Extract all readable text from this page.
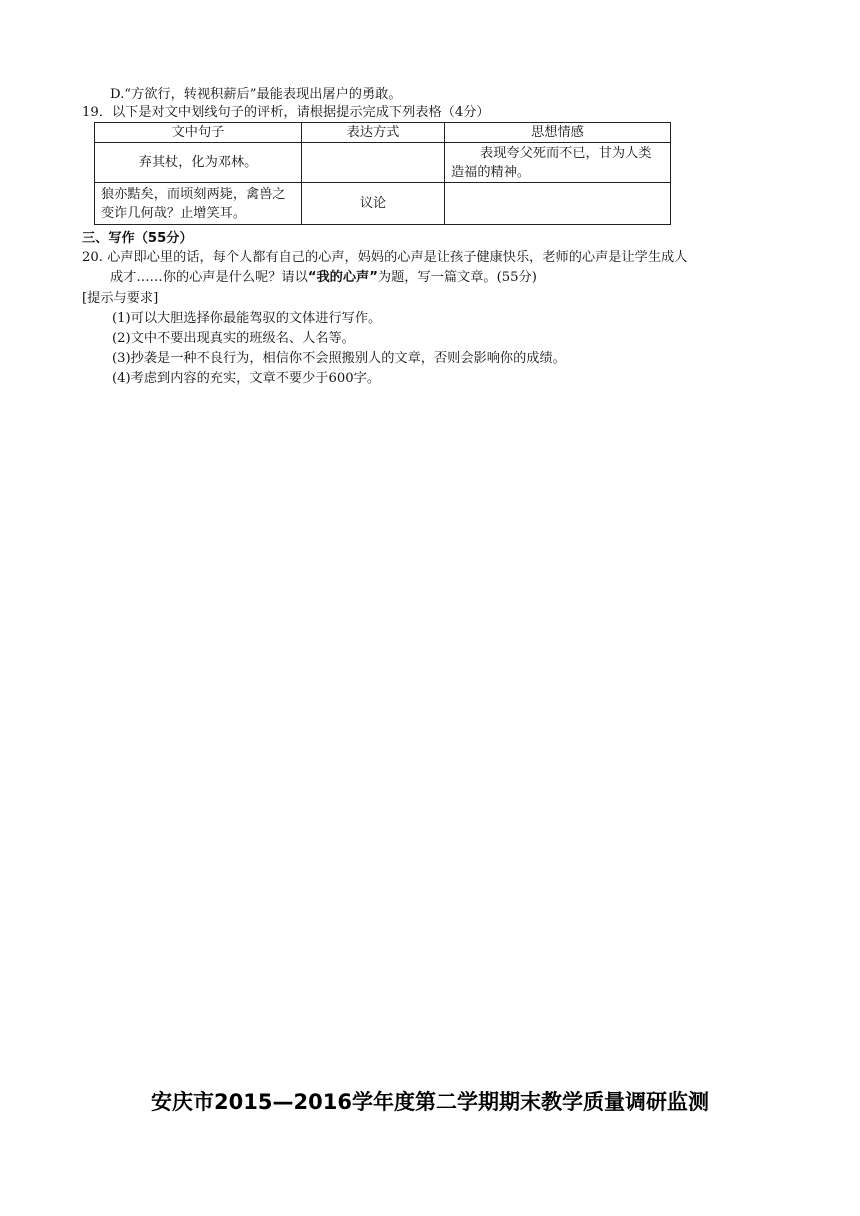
D.“方欲行，转视积薪后”最能表现出屠户的勇敢。
19．以下是对文中划线句子的评析，请根据提示完成下列表格（4分）
文中句子	表达方式	思想情感
弃其杖，化为邓林。		表现夸父死而不已，甘为人类造福的精神。
狼亦黠矣，而顷刻两毙，禽兽之变诈几何哉？止增笑耳。	议论	
三、写作（55分）
20. 心声即心里的话，每个人都有自己的心声，妈妈的心声是让孩子健康快乐，老师的心声是让学生成人
成才……你的心声是什么呢？请以“我的心声”为题，写一篇文章。(55分)
[提示与要求]
(1)可以大胆选择你最能驾驭的文体进行写作。
(2)文中不要出现真实的班级名、人名等。
(3)抄袭是一种不良行为，相信你不会照搬别人的文章，否则会影响你的成绩。
(4)考虑到内容的充实，文章不要少于600字。
安庆市2015—2016学年度第二学期期末教学质量调研监测
